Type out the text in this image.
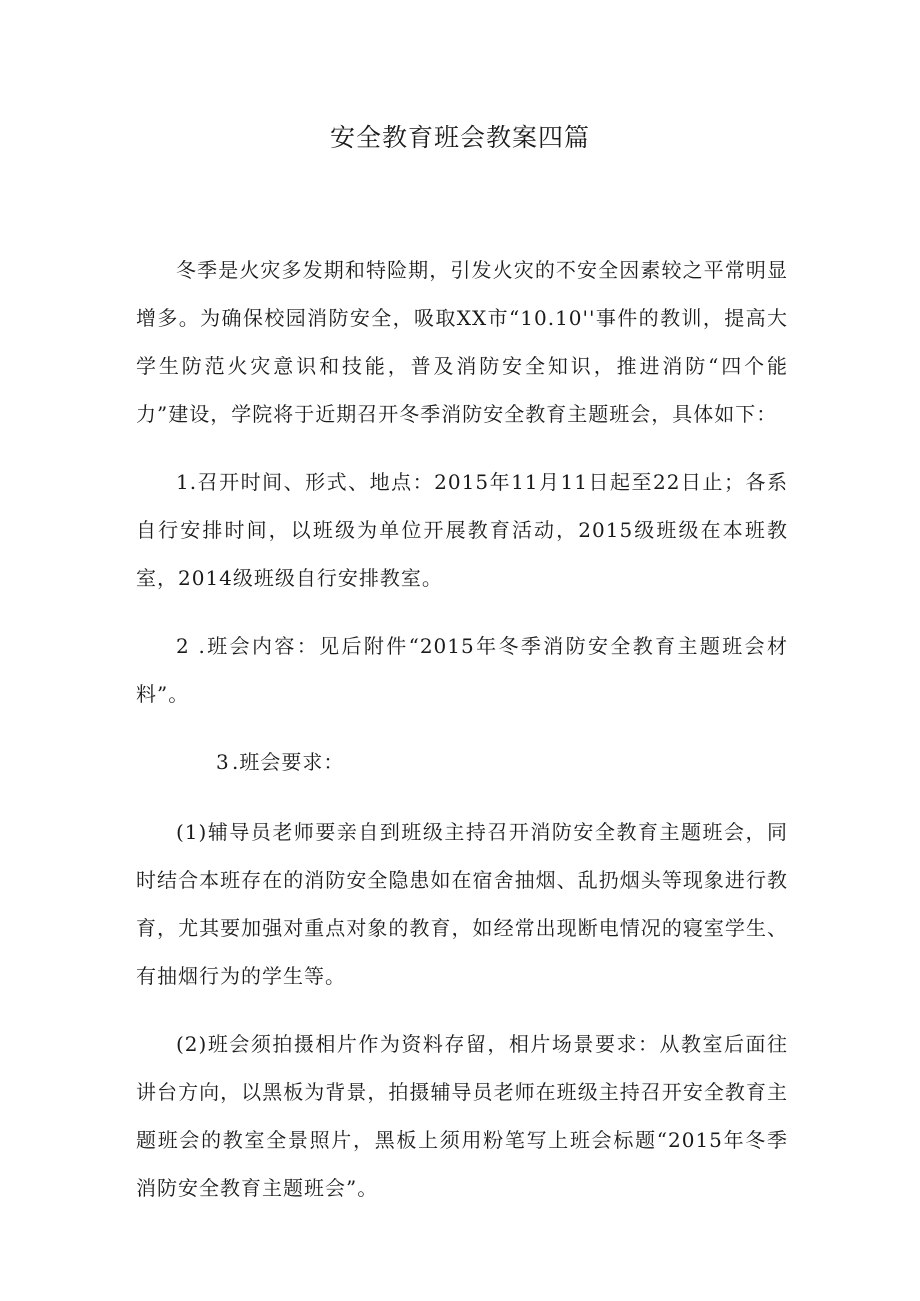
安全教育班会教案四篇

冬季是火灾多发期和特险期，引发火灾的不安全因素较之平常明显增多。为确保校园消防安全，吸取XX市“10.10''事件的教训，提高大学生防范火灾意识和技能，普及消防安全知识，推进消防“四个能力”建设，学院将于近期召开冬季消防安全教育主题班会，具体如下：

1.召开时间、形式、地点：2015年11月11日起至22日止；各系自行安排时间，以班级为单位开展教育活动，2015级班级在本班教室，2014级班级自行安排教室。

2 .班会内容：见后附件“2015年冬季消防安全教育主题班会材料”。

3 .班会要求：

(1)辅导员老师要亲自到班级主持召开消防安全教育主题班会，同时结合本班存在的消防安全隐患如在宿舍抽烟、乱扔烟头等现象进行教育，尤其要加强对重点对象的教育，如经常出现断电情况的寝室学生、有抽烟行为的学生等。

(2)班会须拍摄相片作为资料存留，相片场景要求：从教室后面往讲台方向，以黑板为背景，拍摄辅导员老师在班级主持召开安全教育主题班会的教室全景照片，黑板上须用粉笔写上班会标题“2015年冬季消防安全教育主题班会”。
